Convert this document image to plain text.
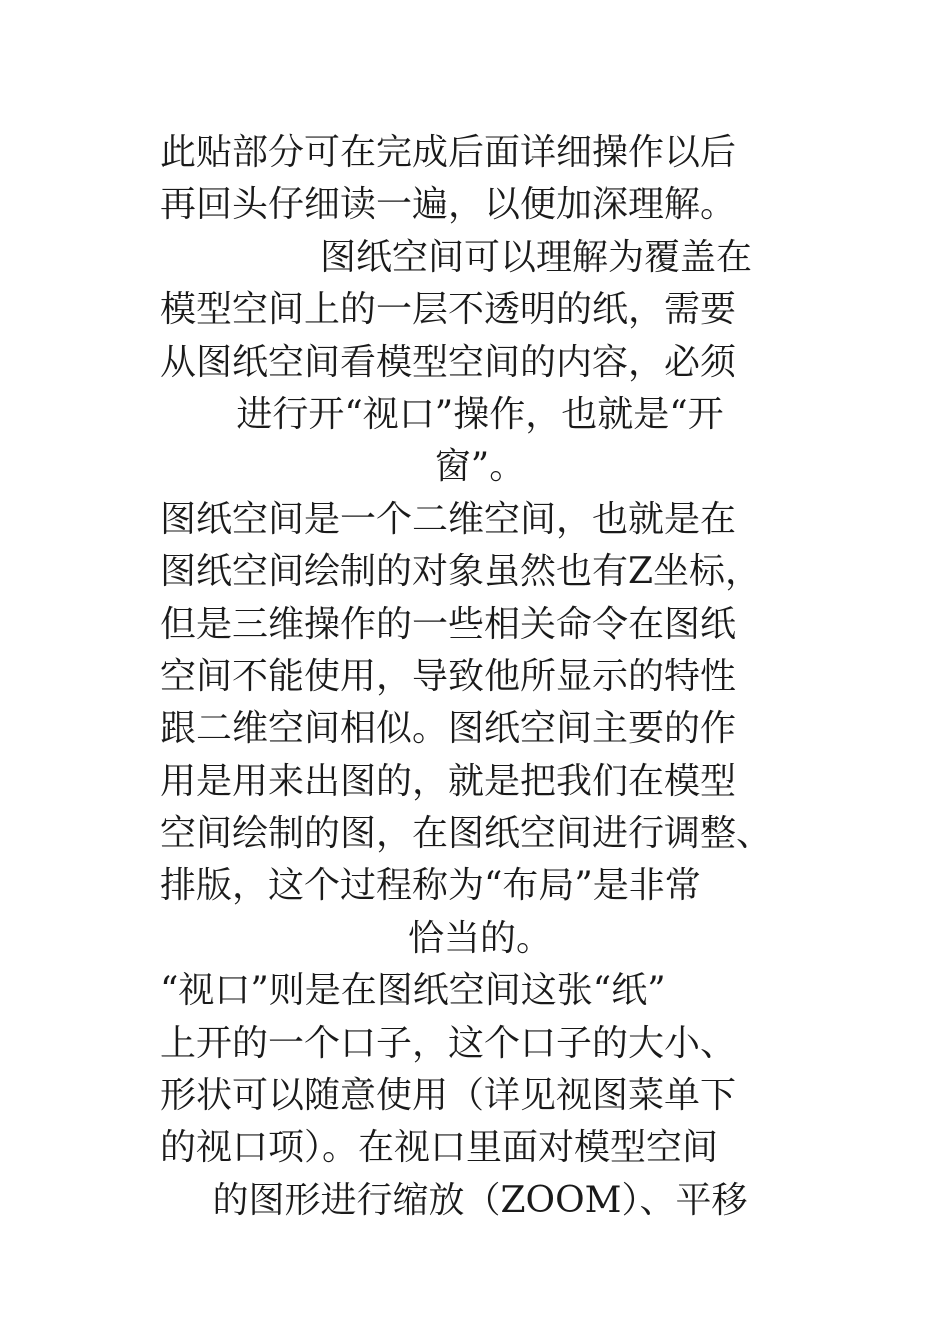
此贴部分可在完成后面详细操作以后
再回头仔细读一遍，以便加深理解。
图纸空间可以理解为覆盖在
模型空间上的一层不透明的纸，需要
从图纸空间看模型空间的内容，必须
进行开“视口”操作，也就是“开
窗”。
图纸空间是一个二维空间，也就是在
图纸空间绘制的对象虽然也有Z坐标，
但是三维操作的一些相关命令在图纸
空间不能使用，导致他所显示的特性
跟二维空间相似。图纸空间主要的作
用是用来出图的，就是把我们在模型
空间绘制的图，在图纸空间进行调整、
排版，这个过程称为“布局”是非常
恰当的。
“视口”则是在图纸空间这张“纸”
上开的一个口子，这个口子的大小、
形状可以随意使用（详见视图菜单下
的视口项）。在视口里面对模型空间
的图形进行缩放（ZOOM）、平移
